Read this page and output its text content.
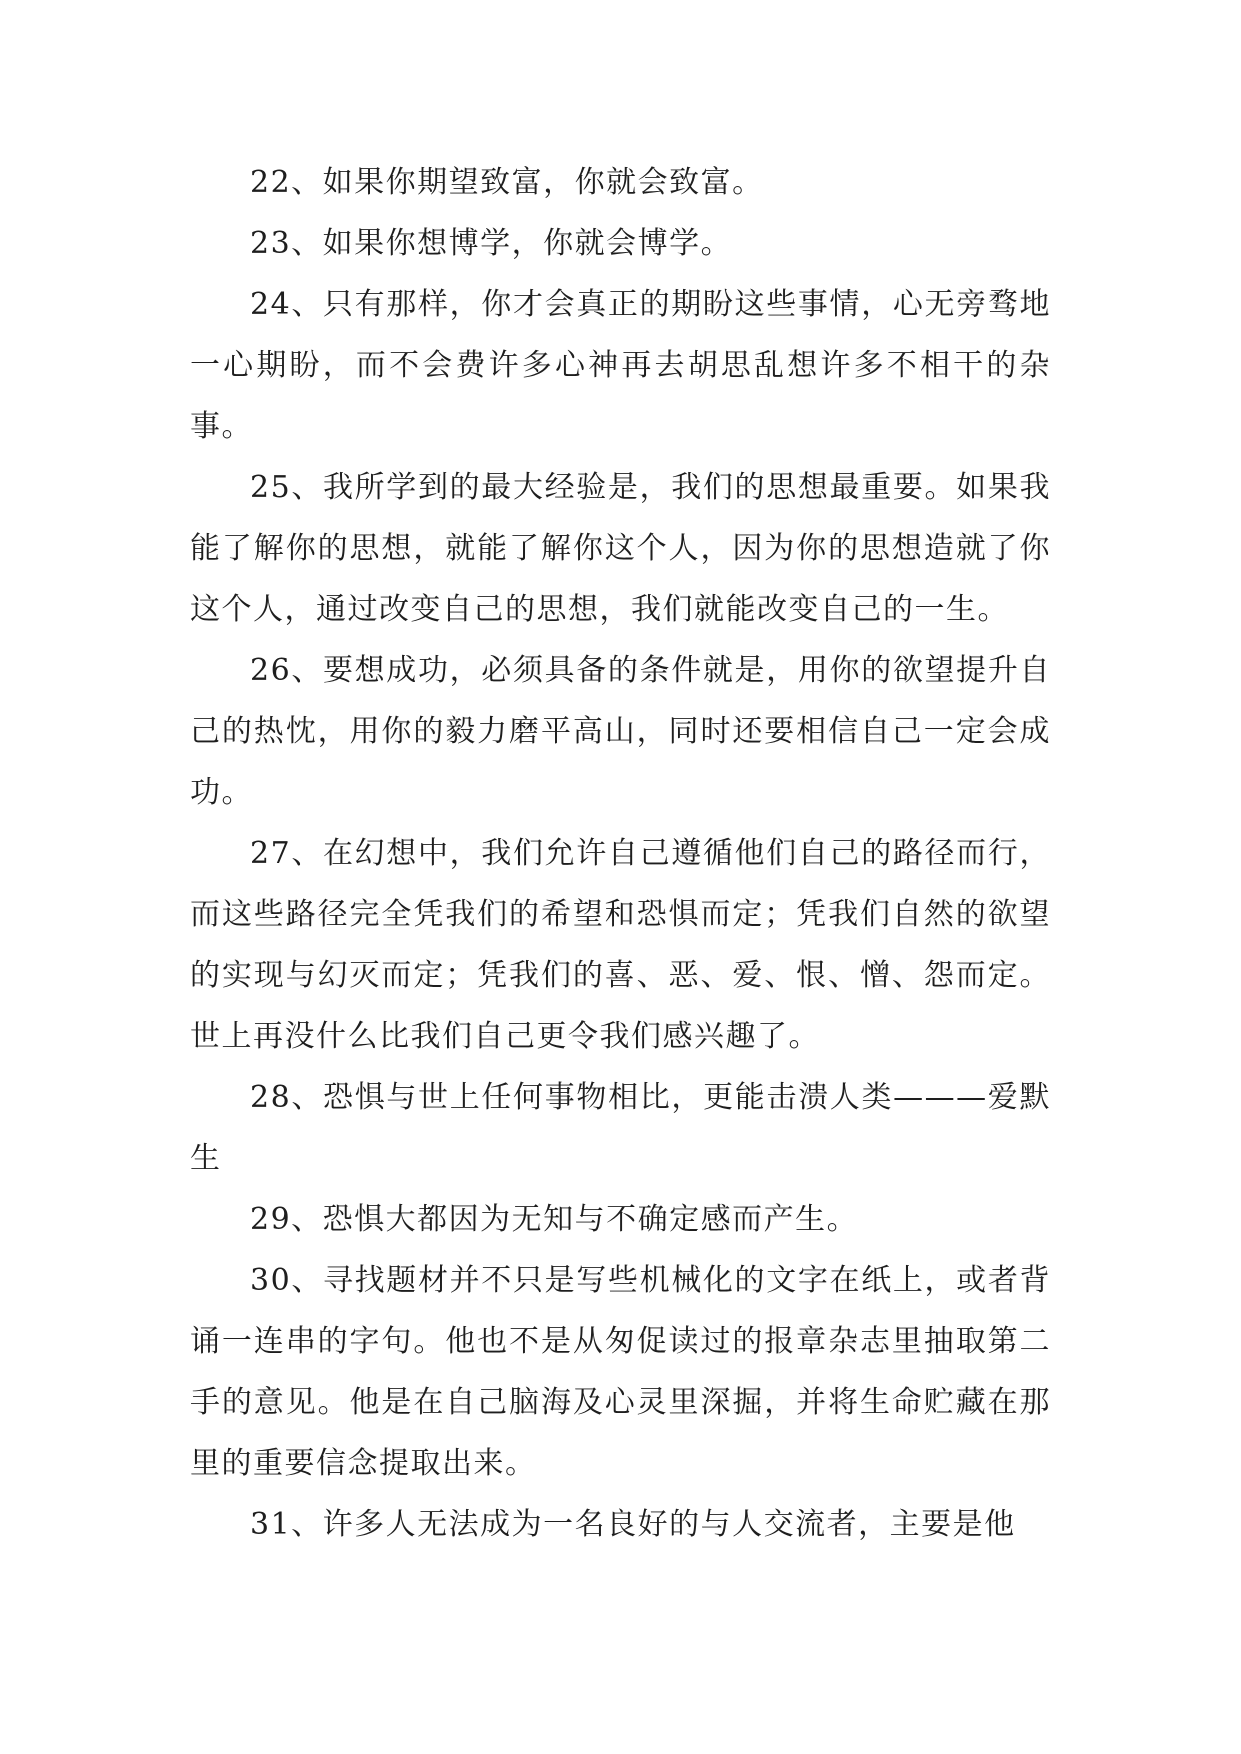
22、如果你期望致富，你就会致富。

23、如果你想博学，你就会博学。

24、只有那样，你才会真正的期盼这些事情，心无旁骛地一心期盼，而不会费许多心神再去胡思乱想许多不相干的杂事。

25、我所学到的最大经验是，我们的思想最重要。如果我能了解你的思想，就能了解你这个人，因为你的思想造就了你这个人，通过改变自己的思想，我们就能改变自己的一生。

26、要想成功，必须具备的条件就是，用你的欲望提升自己的热忱，用你的毅力磨平高山，同时还要相信自己一定会成功。

27、在幻想中，我们允许自己遵循他们自己的路径而行，而这些路径完全凭我们的希望和恐惧而定；凭我们自然的欲望的实现与幻灭而定；凭我们的喜、恶、爱、恨、憎、怨而定。世上再没什么比我们自己更令我们感兴趣了。

28、恐惧与世上任何事物相比，更能击溃人类———爱默生

29、恐惧大都因为无知与不确定感而产生。

30、寻找题材并不只是写些机械化的文字在纸上，或者背诵一连串的字句。他也不是从匆促读过的报章杂志里抽取第二手的意见。他是在自己脑海及心灵里深掘，并将生命贮藏在那里的重要信念提取出来。

31、许多人无法成为一名良好的与人交流者，主要是他
